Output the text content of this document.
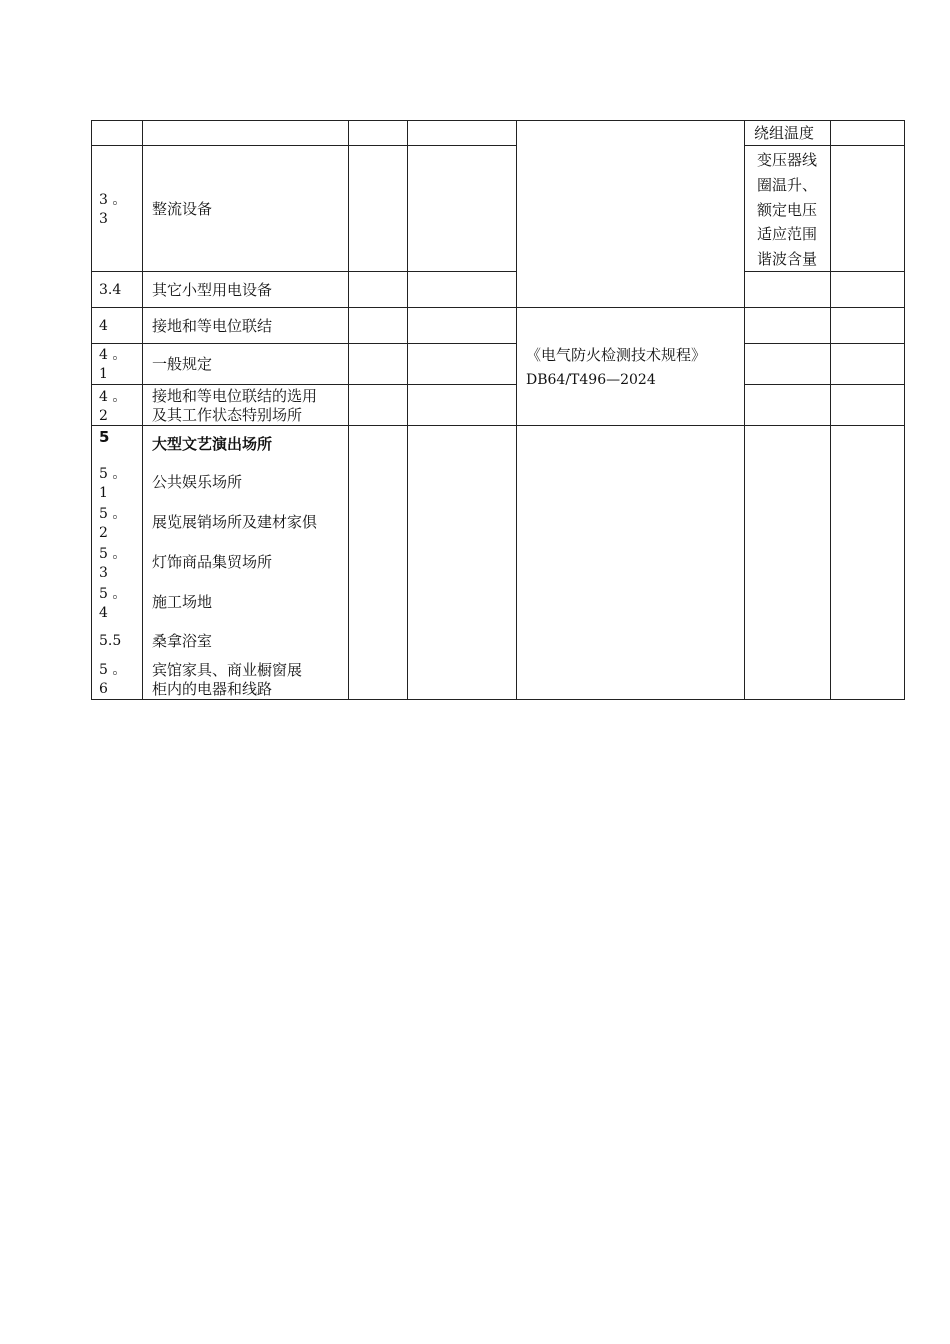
绕组温度
3 。
3
整流设备
变压器线
圈温升、
额定电压
适应范围
谐波含量
3.4 其它小型用电设备
4	接地和等电位联结
4 。
1
一般规定
4 。
2
接地和等电位联结的选用
及其工作状态特别场所
《电气防火检测技术规程》
DB64/T496—2024
5	大型文艺演出场所
5 。
1
公共娱乐场所
5 。
2
展览展销场所及建材家俱
5 。
3
灯饰商品集贸场所
5 。
4
施工场地
5.5 桑拿浴室
5 。
6
宾馆家具、商业橱窗展
柜内的电器和线路
